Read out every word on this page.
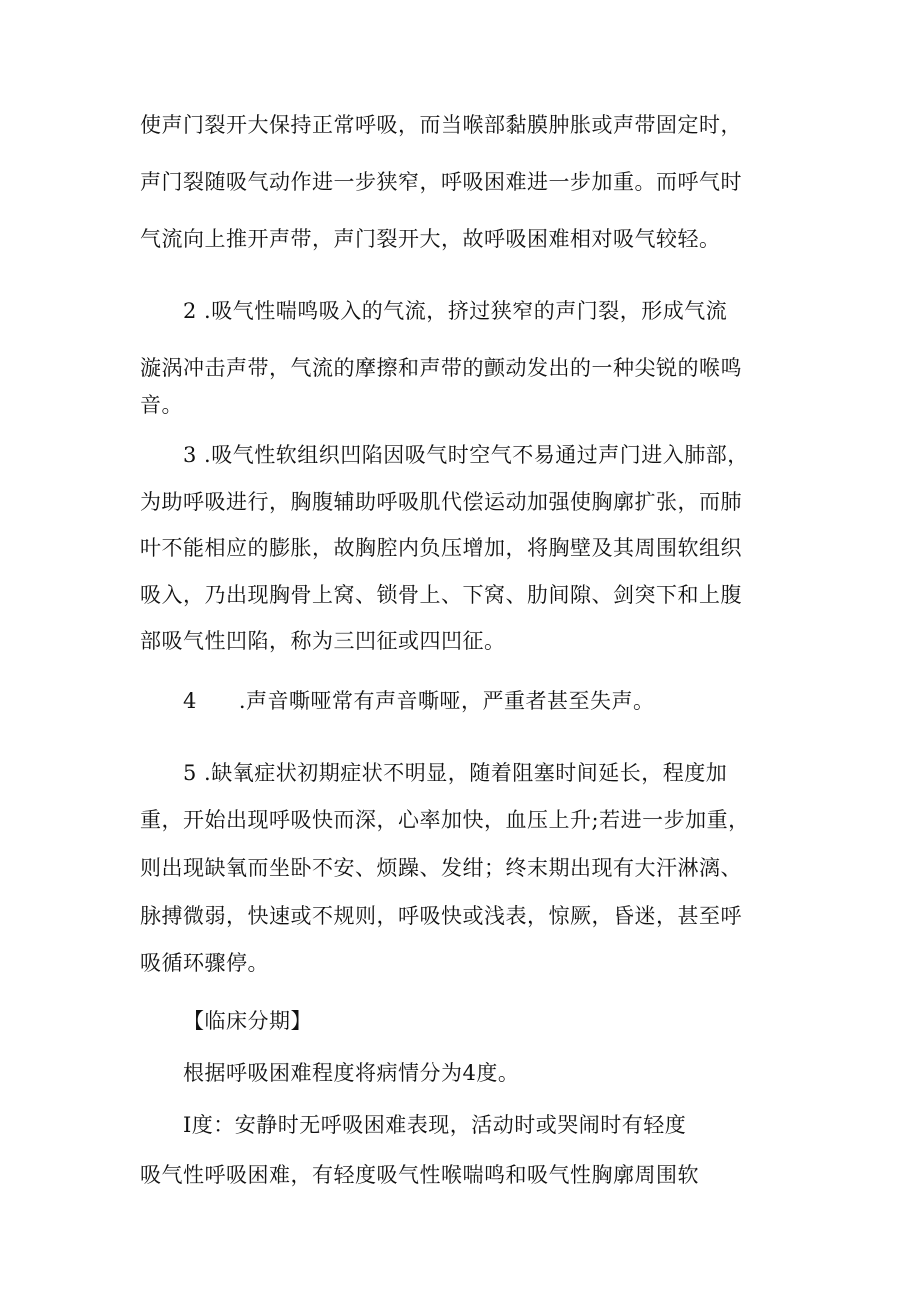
使声门裂开大保持正常呼吸，而当喉部黏膜肿胀或声带固定时，
声门裂随吸气动作进一步狭窄，呼吸困难进一步加重。而呼气时
气流向上推开声带，声门裂开大，故呼吸困难相对吸气较轻。
2 .吸气性喘鸣吸入的气流，挤过狭窄的声门裂，形成气流
漩涡冲击声带，气流的摩擦和声带的颤动发出的一种尖锐的喉鸣
音。
3 .吸气性软组织凹陷因吸气时空气不易通过声门进入肺部，
为助呼吸进行，胸腹辅助呼吸肌代偿运动加强使胸廓扩张，而肺
叶不能相应的膨胀，故胸腔内负压增加，将胸壁及其周围软组织
吸入，乃出现胸骨上窝、锁骨上、下窝、肋间隙、剑突下和上腹
部吸气性凹陷，称为三凹征或四凹征。
4 .声音嘶哑常有声音嘶哑，严重者甚至失声。
5 .缺氧症状初期症状不明显，随着阻塞时间延长，程度加
重，开始出现呼吸快而深，心率加快，血压上升;若进一步加重，
则出现缺氧而坐卧不安、烦躁、发绀；终末期出现有大汗淋漓、
脉搏微弱，快速或不规则，呼吸快或浅表，惊厥，昏迷，甚至呼
吸循环骤停。
【临床分期】
根据呼吸困难程度将病情分为4度。
I度：安静时无呼吸困难表现，活动时或哭闹时有轻度
吸气性呼吸困难，有轻度吸气性喉喘鸣和吸气性胸廓周围软
